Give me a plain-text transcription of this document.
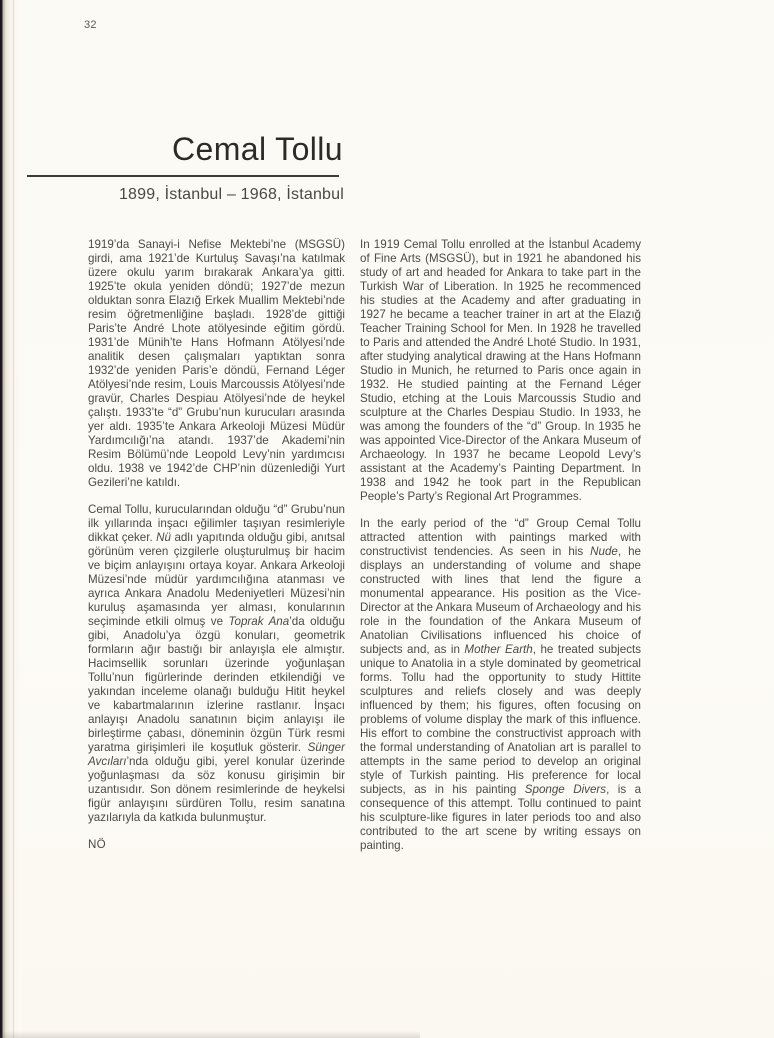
32
Cemal Tollu
1899, İstanbul – 1968, İstanbul

1919’da Sanayi-i Nefise Mektebi’ne (MSGSÜ) girdi, ama 1921’de Kurtuluş Savaşı’na katılmak üzere okulu yarım bırakarak Ankara’ya gitti. 1925’te okula yeniden döndü; 1927’de mezun olduktan sonra Elazığ Erkek Muallim Mektebi’nde resim öğretmenliğine başladı. 1928’de gittiği Paris’te André Lhote atölyesinde eğitim gördü. 1931’de Münih’te Hans Hofmann Atölyesi’nde analitik desen çalışmaları yaptıktan sonra 1932’de yeniden Paris’e döndü, Fernand Léger Atölyesi’nde resim, Louis Marcoussis Atölyesi’nde gravür, Charles Despiau Atölyesi’nde de heykel çalıştı. 1933’te “d” Grubu’nun kurucuları arasında yer aldı. 1935’te Ankara Arkeoloji Müzesi Müdür Yardımcılığı’na atandı. 1937’de Akademi’nin Resim Bölümü’nde Leopold Levy’nin yardımcısı oldu. 1938 ve 1942’de CHP’nin düzenlediği Yurt Gezileri’ne katıldı.

Cemal Tollu, kurucularından olduğu “d” Grubu’nun ilk yıllarında inşacı eğilimler taşıyan resimleriyle dikkat çeker. Nü adlı yapıtında olduğu gibi, anıtsal görünüm veren çizgilerle oluşturulmuş bir hacim ve biçim anlayışını ortaya koyar. Ankara Arkeoloji Müzesi’nde müdür yardımcılığına atanması ve ayrıca Ankara Anadolu Medeniyetleri Müzesi’nin kuruluş aşamasında yer alması, konularının seçiminde etkili olmuş ve Toprak Ana’da olduğu gibi, Anadolu’ya özgü konuları, geometrik formların ağır bastığı bir anlayışla ele almıştır. Hacimsellik sorunları üzerinde yoğunlaşan Tollu’nun figürlerinde derinden etkilendiği ve yakından inceleme olanağı bulduğu Hitit heykel ve kabartmalarının izlerine rastlanır. İnşacı anlayışı Anadolu sanatının biçim anlayışı ile birleştirme çabası, döneminin özgün Türk resmi yaratma girişimleri ile koşutluk gösterir. Sünger Avcıları’nda olduğu gibi, yerel konular üzerinde yoğunlaşması da söz konusu girişimin bir uzantısıdır. Son dönem resimlerinde de heykelsi figür anlayışını sürdüren Tollu, resim sanatına yazılarıyla da katkıda bulunmuştur.

NÖ

In 1919 Cemal Tollu enrolled at the İstanbul Academy of Fine Arts (MSGSÜ), but in 1921 he abandoned his study of art and headed for Ankara to take part in the Turkish War of Liberation. In 1925 he recommenced his studies at the Academy and after graduating in 1927 he became a teacher trainer in art at the Elazığ Teacher Training School for Men. In 1928 he travelled to Paris and attended the André Lhoté Studio. In 1931, after studying analytical drawing at the Hans Hofmann Studio in Munich, he returned to Paris once again in 1932. He studied painting at the Fernand Léger Studio, etching at the Louis Marcoussis Studio and sculpture at the Charles Despiau Studio. In 1933, he was among the founders of the “d” Group. In 1935 he was appointed Vice-Director of the Ankara Museum of Archaeology. In 1937 he became Leopold Levy’s assistant at the Academy’s Painting Department. In 1938 and 1942 he took part in the Republican People’s Party’s Regional Art Programmes.

In the early period of the “d” Group Cemal Tollu attracted attention with paintings marked with constructivist tendencies. As seen in his Nude, he displays an understanding of volume and shape constructed with lines that lend the figure a monumental appearance. His position as the Vice-Director at the Ankara Museum of Archaeology and his role in the foundation of the Ankara Museum of Anatolian Civilisations influenced his choice of subjects and, as in Mother Earth, he treated subjects unique to Anatolia in a style dominated by geometrical forms. Tollu had the opportunity to study Hittite sculptures and reliefs closely and was deeply influenced by them; his figures, often focusing on problems of volume display the mark of this influence. His effort to combine the constructivist approach with the formal understanding of Anatolian art is parallel to attempts in the same period to develop an original style of Turkish painting. His preference for local subjects, as in his painting Sponge Divers, is a consequence of this attempt. Tollu continued to paint his sculpture-like figures in later periods too and also contributed to the art scene by writing essays on painting.
